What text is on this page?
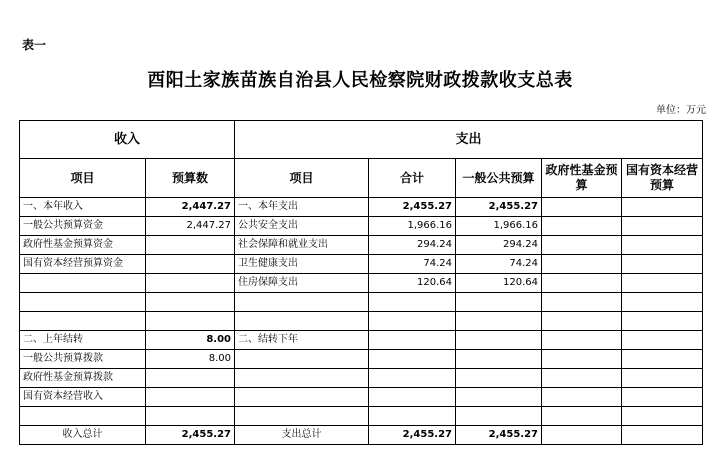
表一
酉阳土家族苗族自治县人民检察院财政拨款收支总表
单位：万元
收入		支出				
项目	预算数	项目	合计	一般公共预算	政府性基金预算	国有资本经营预算
一、本年收入	2,447.27	一、本年支出	2,455.27	2,455.27		
一般公共预算资金	2,447.27	公共安全支出	1,966.16	1,966.16		
政府性基金预算资金		社会保障和就业支出	294.24	294.24		
国有资本经营预算资金		卫生健康支出	74.24	74.24		
		住房保障支出	120.64	120.64		

二、上年结转	8.00	二、结转下年				
一般公共预算拨款	8.00					
政府性基金预算拨款						
国有资本经营收入						

收入总计	2,455.27	支出总计	2,455.27	2,455.27		
